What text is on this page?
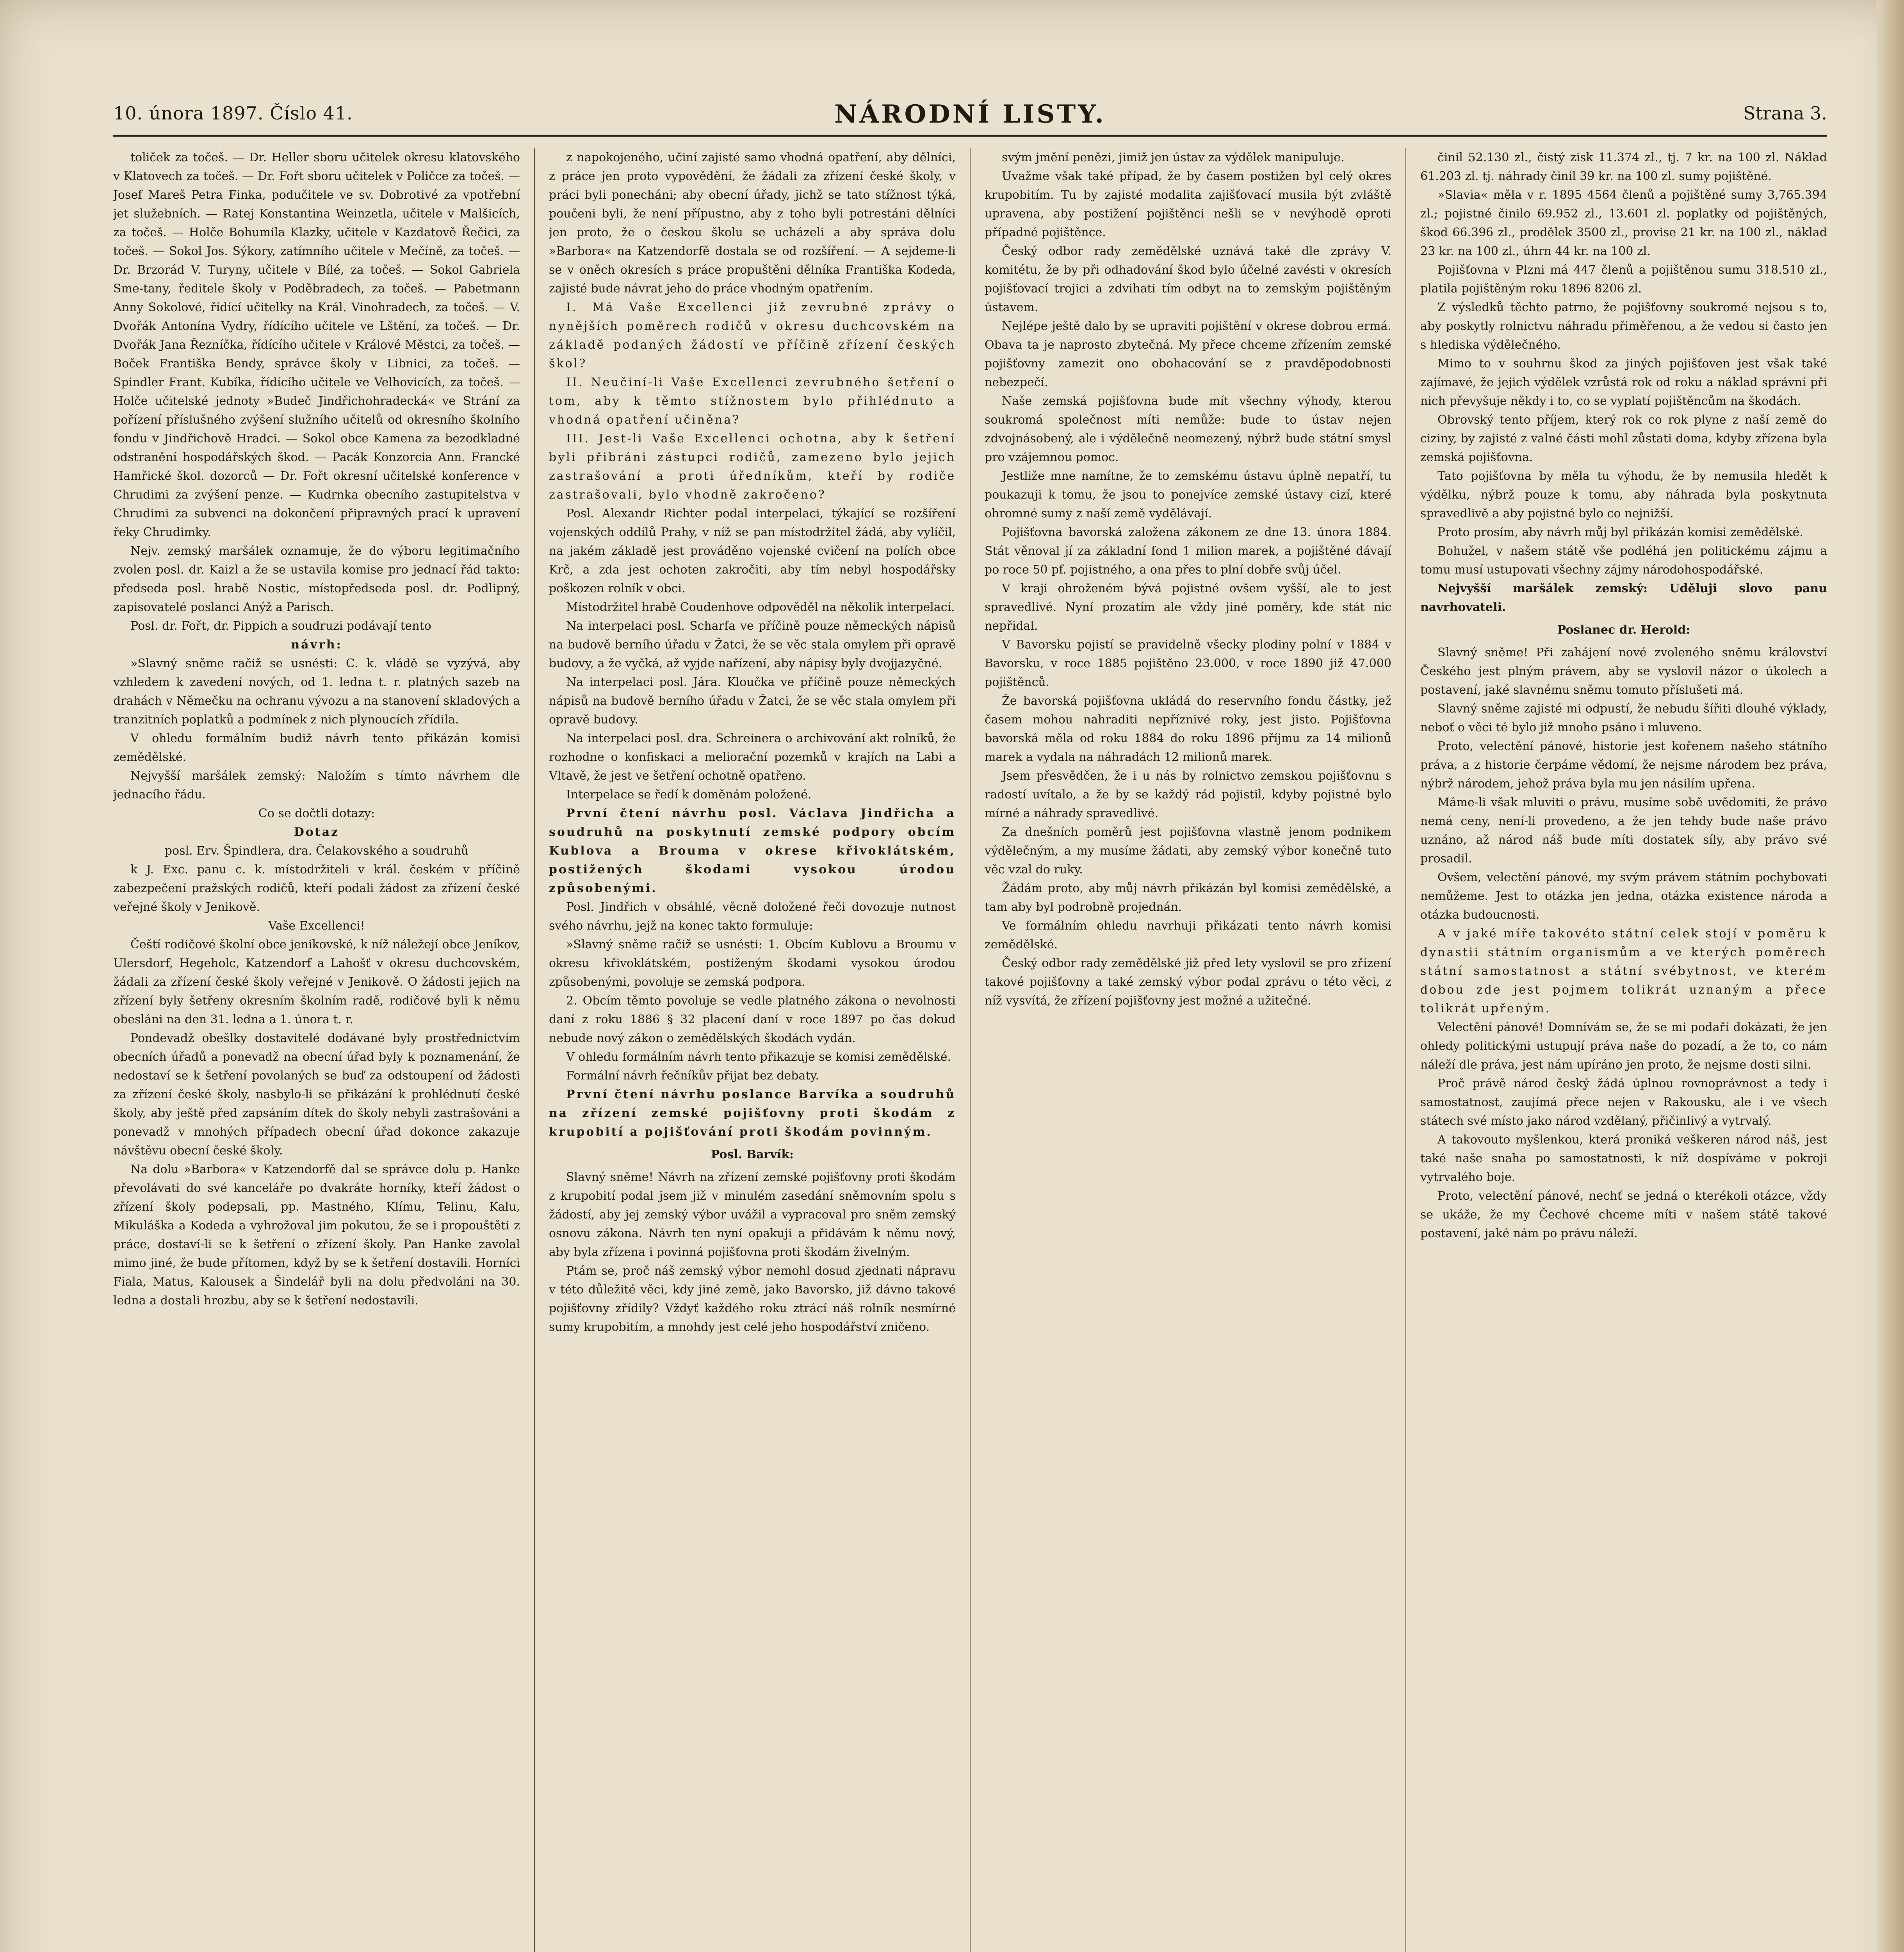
10. února 1897. Číslo 41.	NÁRODNÍ LISTY.	Strana 3.

toliček za točeš. — Dr. Heller sboru učitelek okresu klatovského v Klatovech za točeš. — Dr. Fořt sboru učitelek v Poličce za točeš. — Josef Mareš Petra Finka, podučitele ve sv. Dobrotivé za vpotřební jet služebních. — Ratej Konstantina Weinzetla, učitele v Malšicích, za točeš. — Holče Bohumila Klazky, učitele v Kazdatově Řečici, za točeš. — Sokol Jos. Sýkory, zatímního učitele v Mečíně, za točeš. — Dr. Brzorád V. Turyny, učitele v Bílé, za točeš. — Sokol Gabriela Sme-tany, ředitele školy v Poděbradech, za točeš. — Pabetmann Anny Sokolové, řídící učitelky na Král. Vinohradech, za točeš. — V. Dvořák Antonína Vydry, řídícího učitele ve Lštění, za točeš. — Dr. Dvořák Jana Řezníčka, řídícího učitele v Králové Městci, za točeš. — Boček Františka Bendy, správce školy v Libnici, za točeš. — Spindler Frant. Kubíka, řídícího učitele ve Velhovicích, za točeš. — Holče učitelské jednoty »Budeč Jindřichohradecká« ve Strání za pořízení příslušného zvýšení služního učitelů od okresního školního fondu v Jindřichově Hradci. — Sokol obce Kamena za bezodkladné odstranění hospodářských škod. — Pacák Konzorcia Ann. Francké Hamřické škol. dozorců — Dr. Fořt okresní učitelské konference v Chrudimi za zvýšení penze. — Kudrnka obecního zastupitelstva v Chrudimi za subvenci na dokončení připravných prací k upravení řeky Chrudimky.

Nejv. zemský maršálek oznamuje, že do výboru legitimačního zvolen posl. dr. Kaizl a že se ustavila komise pro jednací řád takto: předseda posl. hrabě Nostic, místopředseda posl. dr. Podlipný, zapisovatelé poslanci Anýž a Parisch.

Posl. dr. Fořt, dr. Pippich a soudruzi podávají tento

návrh:

»Slavný sněme račiž se usnésti: C. k. vládě se vyzývá, aby vzhledem k zavedení nových, od 1. ledna t. r. platných sazeb na drahách v Němečku na ochranu vývozu a na stanovení skladových a tranzitních poplatků a podmínek z nich plynoucích zřídila.

V ohledu formálním budiž návrh tento přikázán komisi zemědělské.

Nejvyšší maršálek zemský: Naložím s tímto návrhem dle jednacího řádu.

Co se dočtli dotazy:

Dotaz

posl. Erv. Špindlera, dra. Čelakovského a soudruhů

k J. Exc. panu c. k. místodržiteli v král. českém v příčině zabezpečení pražských rodičů, kteří podali žádost za zřízení české veřejné školy v Jenikově.

Vaše Excellenci!

Čeští rodičové školní obce jenikovské, k níž náležejí obce Jeníkov, Ulersdorf, Hegeholc, Katzendorf a Lahošť v okresu duchcovském, žádali za zřízení české školy veřejné v Jenikově. O žádosti jejich na zřízení byly šetřeny okresním školním radě, rodičové byli k němu obesláni na den 31. ledna a 1. února t. r.

Pondevadž obešlky dostavitelé dodávané byly prostřednictvím obecních úřadů a ponevadž na obecní úřad byly k poznamenání, že nedostaví se k šetření povolaných se buď za odstoupení od žádosti za zřízení české školy, nasbylo-li se přikázání k prohlédnutí české školy, aby ještě před zapsáním dítek do školy nebyli zastrašováni a ponevadž v mnohých případech obecní úřad dokonce zakazuje návštěvu obecní české školy.

Na dolu »Barbora« v Katzendorfě dal se správce dolu p. Hanke převolávati do své kanceláře po dvakráte horníky, kteří žádost o zřízení školy podepsali, pp. Mastného, Klímu, Telinu, Kalu, Mikuláška a Kodeda a vyhrožoval jim pokutou, že se i propouštěti z práce, dostaví-li se k šetření o zřízení školy. Pan Hanke zavolal mimo jiné, že bude přítomen, když by se k šetření dostavili. Horníci Fiala, Matus, Kalousek a Šindelář byli na dolu předvoláni na 30. ledna a dostali hrozbu, aby se k šetření nedostavili.

z napokojeného, učiní zajisté samo vhodná opatření, aby dělníci, z práce jen proto vypovědění, že žádali za zřízení české školy, v práci byli ponecháni; aby obecní úřady, jichž se tato stížnost týká, poučeni byli, že není přípustno, aby z toho byli potrestáni dělníci jen proto, že o českou školu se ucházeli a aby správa dolu »Barbora« na Katzendorfě dostala se od rozšíření. — A sejdeme-li se v oněch okresích s práce propuštěni dělníka Františka Kodeda, zajisté bude návrat jeho do práce vhodným opatřením.

I. Má Vaše Excellenci již zevrubné zprávy o nynějších poměrech rodičů v okresu duchcovském na základě podaných žádostí ve příčině zřízení českých škol?

II. Neučiní-li Vaše Excellenci zevrubného šetření o tom, aby k těmto stížnostem bylo přihlédnuto a vhodná opatření učiněna?

III. Jest-li Vaše Excellenci ochotna, aby k šetření byli přibráni zástupci rodičů, zamezeno bylo jejich zastrašování a proti úředníkům, kteří by rodiče zastrašovali, bylo vhodně zakročeno?

Posl. Alexandr Richter podal interpelaci, týkající se rozšíření vojenských oddílů Prahy, v níž se pan místodržitel žádá, aby vylíčil, na jakém základě jest prováděno vojenské cvičení na polích obce Krč, a zda jest ochoten zakročiti, aby tím nebyl hospodářsky poškozen rolník v obci.

Místodržitel hrabě Coudenhove odpověděl na několik interpelací.

Na interpelaci posl. Scharfa ve příčině pouze německých nápisů na budově berního úřadu v Žatci, že se věc stala omylem při opravě budovy, a že vyčká, až vyjde nařízení, aby nápisy byly dvojjazyčné.

Na interpelaci posl. Jára. Kloučka ve příčině pouze německých nápisů na budově berního úřadu v Žatci, že se věc stala omylem při opravě budovy.

Na interpelaci posl. dra. Schreinera o archivování akt rolníků, že rozhodne o konfiskaci a meliorační pozemků v krajích na Labi a Vltavě, že jest ve šetření ochotně opatřeno.

Interpelace se ředí k doměnám položené.

První čtení návrhu posl. Václava Jindřicha a soudruhů na poskytnutí zemské podpory obcím Kublova a Brouma v okrese křivoklátském, postižených škodami vysokou úrodou způsobenými.

Posl. Jindřich v obsáhlé, věcně doložené řeči dovozuje nutnost svého návrhu, jejž na konec takto formuluje:

»Slavný sněme račiž se usnésti: 1. Obcím Kublovu a Broumu v okresu křivoklátském, postiženým škodami vysokou úrodou způsobenými, povoluje se zemská podpora.

2. Obcím těmto povoluje se vedle platného zákona o nevolnosti daní z roku 1886 § 32 placení daní v roce 1897 po čas dokud nebude nový zákon o zemědělských škodách vydán.

V ohledu formálním návrh tento přikazuje se komisi zemědělské.

Formální návrh řečníkův přijat bez debaty.

První čtení návrhu poslance Barvíka a soudruhů na zřízení zemské pojišťovny proti škodám z krupobití a pojišťování proti škodám povinným.

Posl. Barvík:

Slavný sněme! Návrh na zřízení zemské pojišťovny proti škodám z krupobití podal jsem již v minulém zasedání sněmovním spolu s žádostí, aby jej zemský výbor uvážil a vypracoval pro sněm zemský osnovu zákona. Návrh ten nyní opakuji a přidávám k němu nový, aby byla zřízena i povinná pojišťovna proti škodám živelným.

Ptám se, proč náš zemský výbor nemohl dosud zjednati nápravu v této důležité věci, kdy jiné země, jako Bavorsko, již dávno takové pojišťovny zřídily? Vždyť každého roku ztrácí náš rolník nesmírné sumy krupobitím, a mnohdy jest celé jeho hospodářství zničeno.

svým jmění penězi, jimiž jen ústav za výdělek manipuluje.

Uvažme však také případ, že by časem postižen byl celý okres krupobitím. Tu by zajisté modalita zajišťovací musila být zvláště upravena, aby postižení pojištěnci nešli se v nevýhodě oproti případné pojištěnce.

Český odbor rady zemědělské uznává také dle zprávy V. komitétu, že by při odhadování škod bylo účelné zavésti v okresích pojišťovací trojici a zdvihati tím odbyt na to zemským pojištěným ústavem.

Nejlépe ještě dalo by se upraviti pojištění v okrese dobrou ermá. Obava ta je naprosto zbytečná. My přece chceme zřízením zemské pojišťovny zamezit ono obohacování se z pravděpodobnosti nebezpečí.

Naše zemská pojišťovna bude mít všechny výhody, kterou soukromá společnost míti nemůže: bude to ústav nejen zdvojnásobený, ale i výdělečně neomezený, nýbrž bude státní smysl pro vzájemnou pomoc.

Jestliže mne namítne, že to zemskému ústavu úplně nepatří, tu poukazuji k tomu, že jsou to ponejvíce zemské ústavy cizí, které ohromné sumy z naší země vydělávají.

Pojišťovna bavorská založena zákonem ze dne 13. února 1884. Stát věnoval jí za základní fond 1 milion marek, a pojištěné dávají po roce 50 pf. pojistného, a ona přes to plní dobře svůj účel.

V kraji ohroženém bývá pojistné ovšem vyšší, ale to jest spravedlivé. Nyní prozatím ale vždy jiné poměry, kde stát nic nepřidal.

V Bavorsku pojistí se pravidelně všecky plodiny polní v 1884 v Bavorsku, v roce 1885 pojištěno 23.000, v roce 1890 již 47.000 pojištěnců.

Že bavorská pojišťovna ukládá do reservního fondu částky, jež časem mohou nahraditi nepříznivé roky, jest jisto. Pojišťovna bavorská měla od roku 1884 do roku 1896 příjmu za 14 milionů marek a vydala na náhradách 12 milionů marek.

Jsem přesvědčen, že i u nás by rolnictvo zemskou pojišťovnu s radostí uvítalo, a že by se každý rád pojistil, kdyby pojistné bylo mírné a náhrady spravedlivé.

Za dnešních poměrů jest pojišťovna vlastně jenom podnikem výdělečným, a my musíme žádati, aby zemský výbor konečně tuto věc vzal do ruky.

Žádám proto, aby můj návrh přikázán byl komisi zemědělské, a tam aby byl podrobně projednán.

Ve formálním ohledu navrhuji přikázati tento návrh komisi zemědělské.

Český odbor rady zemědělské již před lety vyslovil se pro zřízení takové pojišťovny a také zemský výbor podal zprávu o této věci, z níž vysvítá, že zřízení pojišťovny jest možné a užitečné.

činil 52.130 zl., čistý zisk 11.374 zl., tj. 7 kr. na 100 zl. Náklad 61.203 zl. tj. náhrady činil 39 kr. na 100 zl. sumy pojištěné.

»Slavia« měla v r. 1895 4564 členů a pojištěné sumy 3,765.394 zl.; pojistné činilo 69.952 zl., 13.601 zl. poplatky od pojištěných, škod 66.396 zl., prodělek 3500 zl., provise 21 kr. na 100 zl., náklad 23 kr. na 100 zl., úhrn 44 kr. na 100 zl.

Pojišťovna v Plzni má 447 členů a pojištěnou sumu 318.510 zl., platila pojištěným roku 1896 8206 zl.

Z výsledků těchto patrno, že pojišťovny soukromé nejsou s to, aby poskytly rolnictvu náhradu přiměřenou, a že vedou si často jen s hlediska výdělečného.

Mimo to v souhrnu škod za jiných pojišťoven jest však také zajímavé, že jejich výdělek vzrůstá rok od roku a náklad správní při nich převyšuje někdy i to, co se vyplatí pojištěncům na škodách.

Obrovský tento příjem, který rok co rok plyne z naší země do ciziny, by zajisté z valné části mohl zůstati doma, kdyby zřízena byla zemská pojišťovna.

Tato pojišťovna by měla tu výhodu, že by nemusila hledět k výdělku, nýbrž pouze k tomu, aby náhrada byla poskytnuta spravedlivě a aby pojistné bylo co nejnižší.

Proto prosím, aby návrh můj byl přikázán komisi zemědělské.

Bohužel, v našem státě vše podléhá jen politickému zájmu a tomu musí ustupovati všechny zájmy národohospodářské.

Nejvyšší maršálek zemský: Uděluji slovo panu navrhovateli.

Poslanec dr. Herold:

Slavný sněme! Při zahájení nové zvoleného sněmu království Českého jest plným právem, aby se vyslovil názor o úkolech a postavení, jaké slavnému sněmu tomuto příslušeti má.

Slavný sněme zajisté mi odpustí, že nebudu šířiti dlouhé výklady, neboť o věci té bylo již mnoho psáno i mluveno.

Proto, velectění pánové, historie jest kořenem našeho státního práva, a z historie čerpáme vědomí, že nejsme národem bez práva, nýbrž národem, jehož práva byla mu jen násilím upřena.

Máme-li však mluviti o právu, musíme sobě uvědomiti, že právo nemá ceny, není-li provedeno, a že jen tehdy bude naše právo uznáno, až národ náš bude míti dostatek síly, aby právo své prosadil.

Ovšem, velectění pánové, my svým právem státním pochybovati nemůžeme. Jest to otázka jen jedna, otázka existence národa a otázka budoucnosti.

A v jaké míře takovéto státní celek stojí v poměru k dynastii státním organismům a ve kterých poměrech státní samostatnost a státní svébytnost, ve kterém dobou zde jest pojmem tolikrát uznaným a přece tolikrát upřeným.

Velectění pánové! Domnívám se, že se mi podaří dokázati, že jen ohledy politickými ustupují práva naše do pozadí, a že to, co nám náleží dle práva, jest nám upíráno jen proto, že nejsme dosti silni.

Proč právě národ český žádá úplnou rovnoprávnost a tedy i samostatnost, zaujímá přece nejen v Rakousku, ale i ve všech státech své místo jako národ vzdělaný, přičinlivý a vytrvalý.

A takovouto myšlenkou, která proniká veškeren národ náš, jest také naše snaha po samostatnosti, k níž dospíváme v pokroji vytrvalého boje.

Proto, velectění pánové, nechť se jedná o kterékoli otázce, vždy se ukáže, že my Čechové chceme míti v našem státě takové postavení, jaké nám po právu náleží.
